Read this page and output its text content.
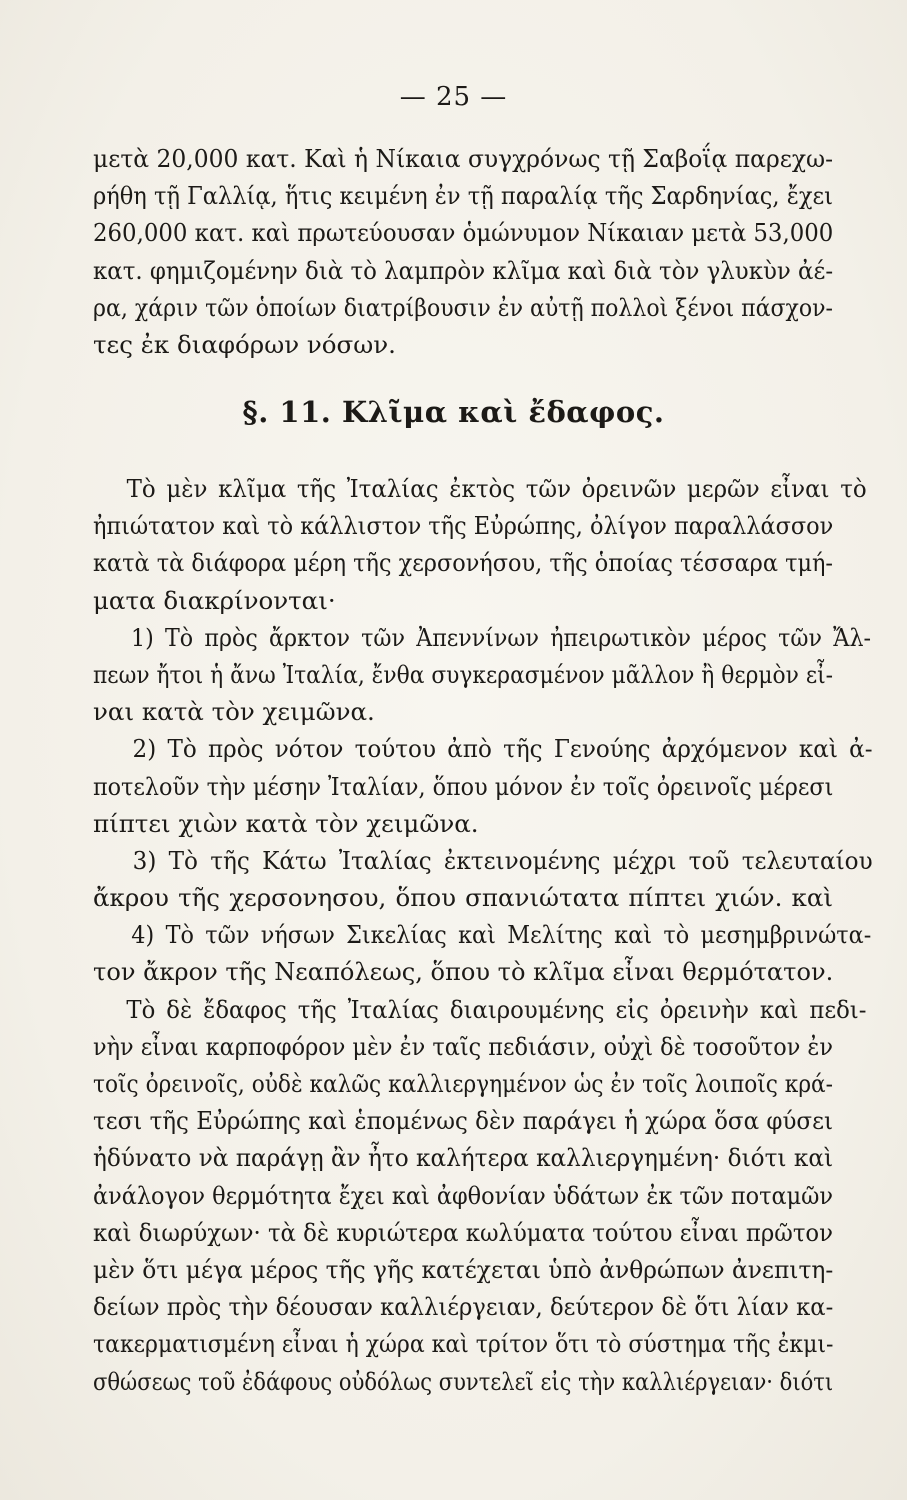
— 25 —

μετὰ 20,000 κατ. Καὶ ἡ Νίκαια συγχρόνως τῇ Σαβοΐᾳ παρεχω-
ρήθη τῇ Γαλλίᾳ, ἥτις κειμένη ἐν τῇ παραλίᾳ τῆς Σαρδηνίας, ἔχει
260,000 κατ. καὶ πρωτεύουσαν ὁμώνυμον Νίκαιαν μετὰ 53,000
κατ. φημιζομένην διὰ τὸ λαμπρὸν κλῖμα καὶ διὰ τὸν γλυκὺν ἀέ-
ρα, χάριν τῶν ὁποίων διατρίβουσιν ἐν αὐτῇ πολλοὶ ξένοι πάσχον-
τες ἐκ διαφόρων νόσων.
§. 11. Κλῖμα καὶ ἔδαφος.
Τὸ μὲν κλῖμα τῆς Ἰταλίας ἐκτὸς τῶν ὀρεινῶν μερῶν εἶναι τὸ
ἠπιώτατον καὶ τὸ κάλλιστον τῆς Εὐρώπης, ὀλίγον παραλλάσσον
κατὰ τὰ διάφορα μέρη τῆς χερσονήσου, τῆς ὁποίας τέσσαρα τμή-
ματα διακρίνονται·
1) Τὸ πρὸς ἄρκτον τῶν Ἀπεννίνων ἠπειρωτικὸν μέρος τῶν Ἄλ-
πεων ἤτοι ἡ ἄνω Ἰταλία, ἔνθα συγκερασμένον μᾶλλον ἢ θερμὸν εἶ-
ναι κατὰ τὸν χειμῶνα.
2) Τὸ πρὸς νότον τούτου ἀπὸ τῆς Γενούης ἀρχόμενον καὶ ἀ-
ποτελοῦν τὴν μέσην Ἰταλίαν, ὅπου μόνον ἐν τοῖς ὀρεινοῖς μέρεσι
πίπτει χιὼν κατὰ τὸν χειμῶνα.
3) Τὸ τῆς Κάτω Ἰταλίας ἐκτεινομένης μέχρι τοῦ τελευταίου
ἄκρου τῆς χερσονησου, ὅπου σπανιώτατα πίπτει χιών. καὶ
4) Τὸ τῶν νήσων Σικελίας καὶ Μελίτης καὶ τὸ μεσημβρινώτα-
τον ἄκρον τῆς Νεαπόλεως, ὅπου τὸ κλῖμα εἶναι θερμότατον.
Τὸ δὲ ἔδαφος τῆς Ἰταλίας διαιρουμένης εἰς ὀρεινὴν καὶ πεδι-
νὴν εἶναι καρποφόρον μὲν ἐν ταῖς πεδιάσιν, οὐχὶ δὲ τοσοῦτον ἐν
τοῖς ὀρεινοῖς, οὐδὲ καλῶς καλλιεργημένον ὡς ἐν τοῖς λοιποῖς κρά-
τεσι τῆς Εὐρώπης καὶ ἑπομένως δὲν παράγει ἡ χώρα ὅσα φύσει
ἠδύνατο νὰ παράγῃ ἂν ἦτο καλήτερα καλλιεργημένη· διότι καὶ
ἀνάλογον θερμότητα ἔχει καὶ ἀφθονίαν ὑδάτων ἐκ τῶν ποταμῶν
καὶ διωρύχων· τὰ δὲ κυριώτερα κωλύματα τούτου εἶναι πρῶτον
μὲν ὅτι μέγα μέρος τῆς γῆς κατέχεται ὑπὸ ἀνθρώπων ἀνεπιτη-
δείων πρὸς τὴν δέουσαν καλλιέργειαν, δεύτερον δὲ ὅτι λίαν κα-
τακερματισμένη εἶναι ἡ χώρα καὶ τρίτον ὅτι τὸ σύστημα τῆς ἐκμι-
σθώσεως τοῦ ἐδάφους οὐδόλως συντελεῖ εἰς τὴν καλλιέργειαν· διότι
